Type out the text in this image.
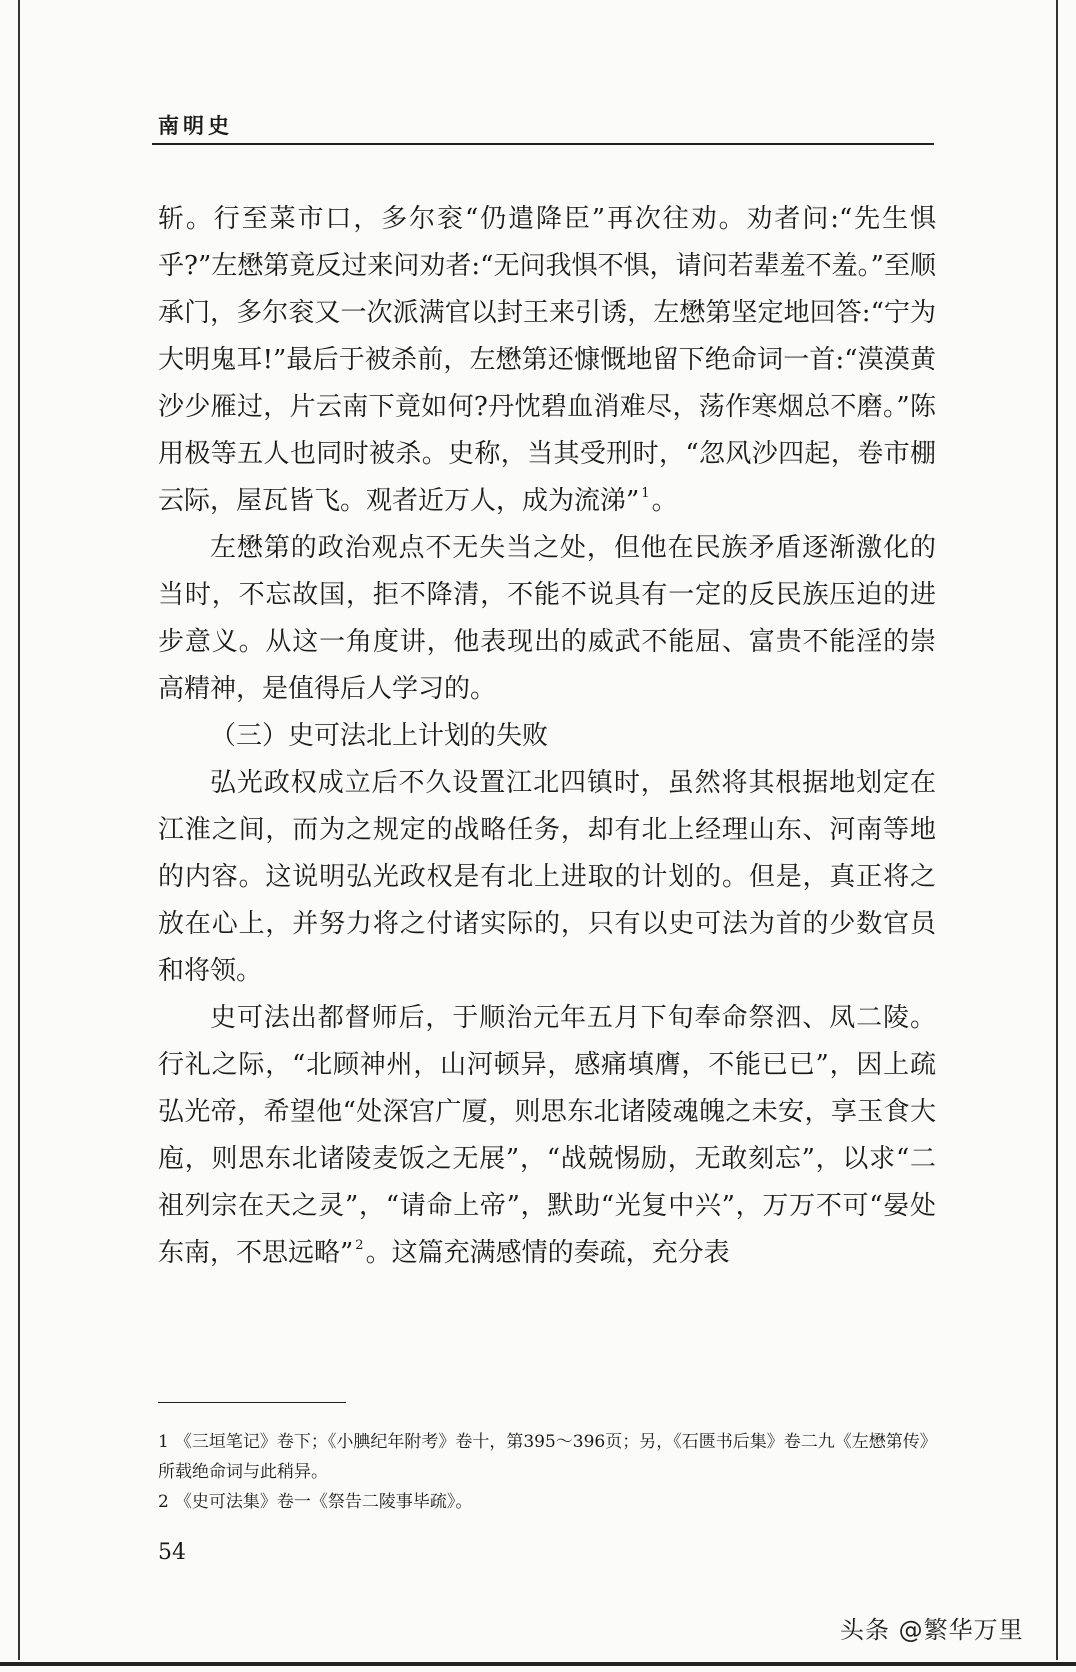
南明史

斩。行至菜市口，多尔衮“仍遣降臣”再次往劝。劝者问:“先生惧乎?”左懋第竟反过来问劝者:“无问我惧不惧，请问若辈羞不羞。”至顺承门，多尔衮又一次派满官以封王来引诱，左懋第坚定地回答:“宁为大明鬼耳!”最后于被杀前，左懋第还慷慨地留下绝命词一首:“漠漠黄沙少雁过，片云南下竟如何?丹忱碧血消难尽，荡作寒烟总不磨。”陈用极等五人也同时被杀。史称，当其受刑时，“忽风沙四起，卷市棚云际，屋瓦皆飞。观者近万人，成为流涕” $^1$。

左懋第的政治观点不无失当之处，但他在民族矛盾逐渐激化的当时，不忘故国，拒不降清，不能不说具有一定的反民族压迫的进步意义。从这一角度讲，他表现出的威武不能屈、富贵不能淫的崇高精神，是值得后人学习的。

（三）史可法北上计划的失败

弘光政权成立后不久设置江北四镇时，虽然将其根据地划定在江淮之间，而为之规定的战略任务，却有北上经理山东、河南等地的内容。这说明弘光政权是有北上进取的计划的。但是，真正将之放在心上，并努力将之付诸实际的，只有以史可法为首的少数官员和将领。

史可法出都督师后，于顺治元年五月下旬奉命祭泗、凤二陵。行礼之际，“北顾神州，山河顿异，感痛填膺，不能已已”，因上疏弘光帝，希望他“处深宫广厦，则思东北诸陵魂魄之未安，享玉食大庖，则思东北诸陵麦饭之无展”，“战兢惕励，无敢刻忘”，以求“二祖列宗在天之灵”，“请命上帝”，默助“光复中兴”，万万不可“晏处东南，不思远略” $^2$。这篇充满感情的奏疏，充分表

1 《三垣笔记》卷下；《小腆纪年附考》卷十，第395～396页；另，《石匮书后集》卷二九《左懋第传》所载绝命词与此稍异。

2 《史可法集》卷一《祭告二陵事毕疏》。

54
头条 @繁华万里
